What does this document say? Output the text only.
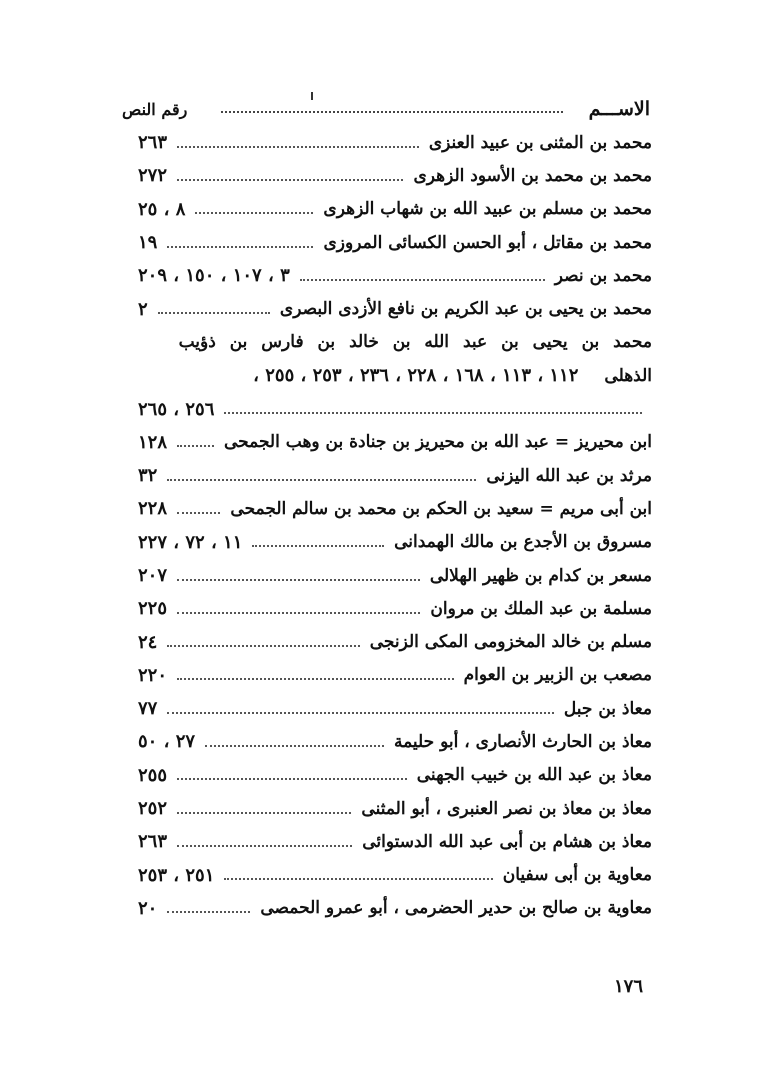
الاســـم
رقم النص
محمد بن المثنى بن عبيد العنزى
٢٦٣
محمد بن محمد بن الأسود الزهرى
٢٧٢
محمد بن مسلم بن عبيد الله بن شهاب الزهرى
٨ ، ٢٥
محمد بن مقاتل ، أبو الحسن الكسائى المروزى
١٩
محمد بن نصر
٣ ، ١٠٧ ، ١٥٠ ، ٢٠٩
محمد بن يحيى بن عبد الكريم بن نافع الأزدى البصرى
٢
محمد بن يحيى بن عبد الله بن خالد بن فارس بن ذؤيب
الذهلى
١١٢ ، ١١٣ ، ١٦٨ ، ٢٢٨ ، ٢٣٦ ، ٢٥٣ ، ٢٥٥ ،
٢٥٦ ، ٢٦٥
ابن محيريز = عبد الله بن محيريز بن جنادة بن وهب الجمحى
١٢٨
مرثد بن عبد الله اليزنى
٣٢
ابن أبى مريم = سعيد بن الحكم بن محمد بن سالم الجمحى
٢٢٨
مسروق بن الأجدع بن مالك الهمدانى
١١ ، ٧٢ ، ٢٢٧
مسعر بن كدام بن ظهير الهلالى
٢٠٧
مسلمة بن عبد الملك بن مروان
٢٢٥
مسلم بن خالد المخزومى المكى الزنجى
٢٤
مصعب بن الزبير بن العوام
٢٢٠
معاذ بن جبل
٧٧
معاذ بن الحارث الأنصارى ، أبو حليمة
٢٧ ، ٥٠
معاذ بن عبد الله بن خبيب الجهنى
٢٥٥
معاذ بن معاذ بن نصر العنبرى ، أبو المثنى
٢٥٢
معاذ بن هشام بن أبى عبد الله الدستوائى
٢٦٣
معاوية بن أبى سفيان
٢٥١ ، ٢٥٣
معاوية بن صالح بن حدير الحضرمى ، أبو عمرو الحمصى
٢٠
١٧٦
